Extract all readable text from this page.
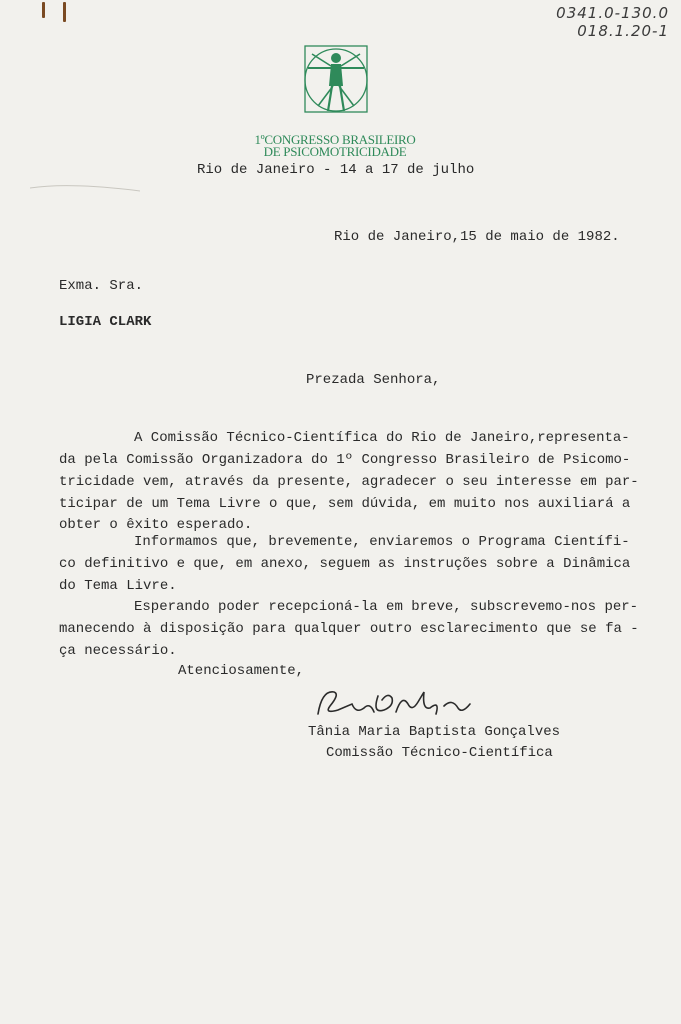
0341.0-130.0
018.1.20-1
1ºCONGRESSO BRASILEIRO
DE PSICOMOTRICIDADE
Rio de Janeiro - 14 a 17 de julho
Rio de Janeiro,15 de maio de 1982.
Exma. Sra.
LIGIA CLARK
Prezada Senhora,
A Comissão Técnico-Científica do Rio de Janeiro,representa-
da pela Comissão Organizadora do 1º Congresso Brasileiro de Psicomo-
tricidade vem, através da presente, agradecer o seu interesse em par-
ticipar de um Tema Livre o que, sem dúvida, em muito nos auxiliará a
obter o êxito esperado.
Informamos que, brevemente, enviaremos o Programa Científi-
co definitivo e que, em anexo, seguem as instruções sobre a Dinâmica
do Tema Livre.
Esperando poder recepcioná-la em breve, subscrevemo-nos per-
manecendo à disposição para qualquer outro esclarecimento que se fa -
ça necessário.
Atenciosamente,
Tânia Maria Baptista Gonçalves
Comissão Técnico-Científica
